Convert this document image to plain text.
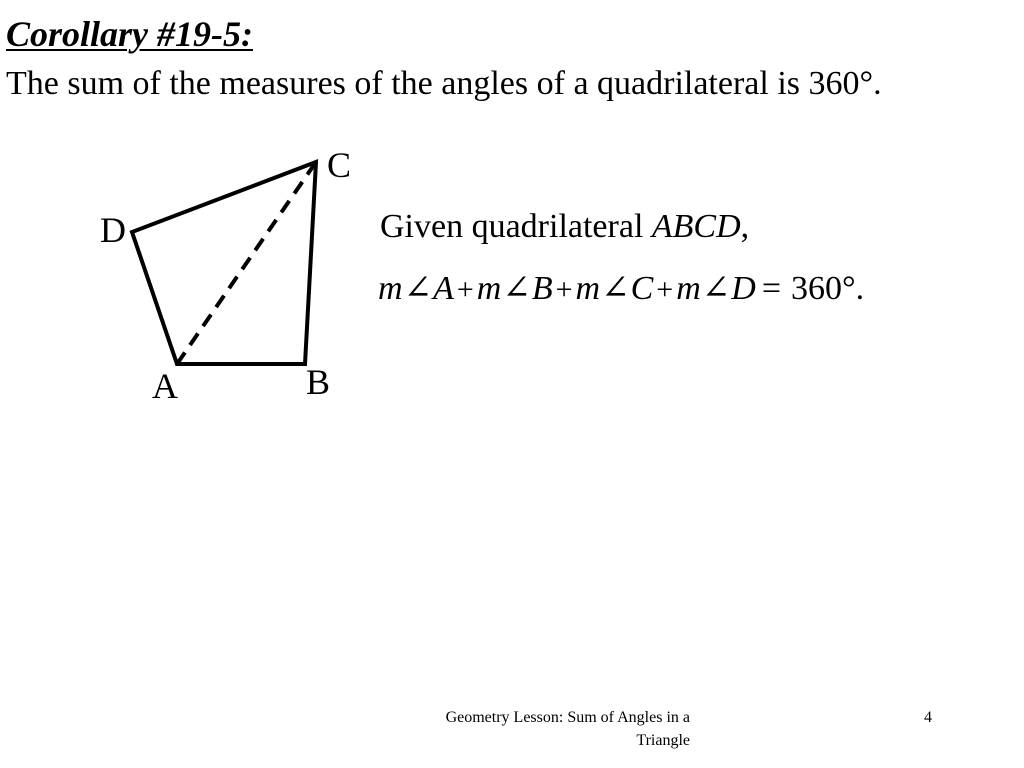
Corollary #19-5:
The sum of the measures of the angles of a quadrilateral is 360°.
A	B
C
D	Given quadrilateral ABCD,
m∠A +m∠B +m∠C +m∠D = 360°.
Geometry Lesson: Sum of Angles in a Triangle
4
